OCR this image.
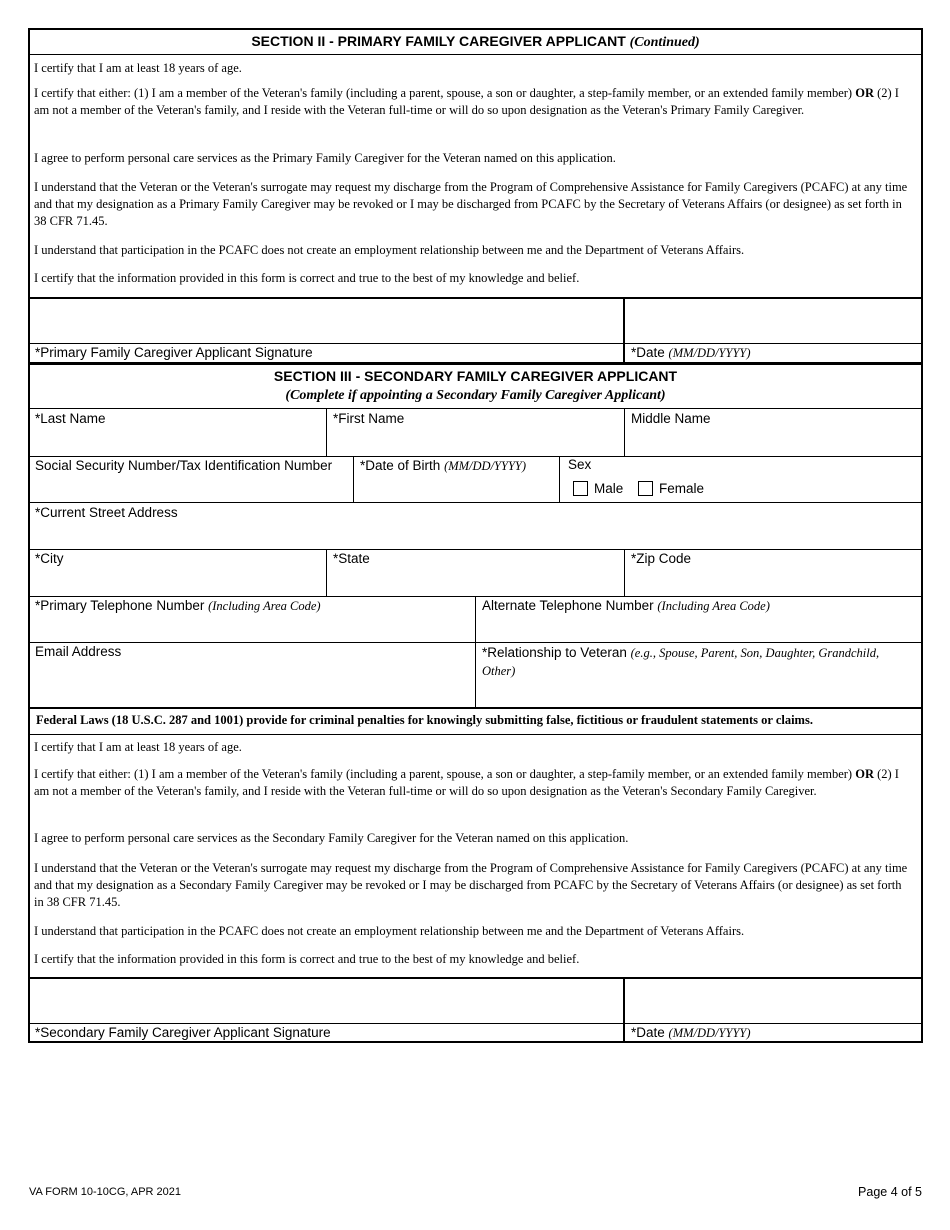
SECTION II - PRIMARY FAMILY CAREGIVER APPLICANT (Continued)
I certify that I am at least 18 years of age.
I certify that either: (1) I am a member of the Veteran's family (including a parent, spouse, a son or daughter, a step-family member, or an extended family member) OR (2) I am not a member of the Veteran's family, and I reside with the Veteran full-time or will do so upon designation as the Veteran's Primary Family Caregiver.
I agree to perform personal care services as the Primary Family Caregiver for the Veteran named on this application.
I understand that the Veteran or the Veteran's surrogate may request my discharge from the Program of Comprehensive Assistance for Family Caregivers (PCAFC) at any time and that my designation as a Primary Family Caregiver may be revoked or I may be discharged from PCAFC by the Secretary of Veterans Affairs (or designee) as set forth in 38 CFR 71.45.
I understand that participation in the PCAFC does not create an employment relationship between me and the Department of Veterans Affairs.
I certify that the information provided in this form is correct and true to the best of my knowledge and belief.
*Primary Family Caregiver Applicant Signature	*Date (MM/DD/YYYY)
SECTION III - SECONDARY FAMILY CAREGIVER APPLICANT
(Complete if appointing a Secondary Family Caregiver Applicant)
*Last Name	*First Name	Middle Name
Social Security Number/Tax Identification Number *Date of Birth (MM/DD/YYYY)	Sex
Male	Female
*Current Street Address
*City	*State	*Zip Code
*Primary Telephone Number (Including Area Code)	Alternate Telephone Number (Including Area Code)
Email Address	*Relationship to Veteran (e.g., Spouse, Parent, Son, Daughter, Grandchild,
Other)
Federal Laws (18 U.S.C. 287 and 1001) provide for criminal penalties for knowingly submitting false, fictitious or fraudulent statements or claims.
I certify that I am at least 18 years of age.
I certify that either: (1) I am a member of the Veteran's family (including a parent, spouse, a son or daughter, a step-family member, or an extended family member) OR (2) I am not a member of the Veteran's family, and I reside with the Veteran full-time or will do so upon designation as the Veteran's Secondary Family Caregiver.
I agree to perform personal care services as the Secondary Family Caregiver for the Veteran named on this application.
I understand that the Veteran or the Veteran's surrogate may request my discharge from the Program of Comprehensive Assistance for Family Caregivers (PCAFC) at any time and that my designation as a Secondary Family Caregiver may be revoked or I may be discharged from PCAFC by the Secretary of Veterans Affairs (or designee) as set forth in 38 CFR 71.45.
I understand that participation in the PCAFC does not create an employment relationship between me and the Department of Veterans Affairs.
I certify that the information provided in this form is correct and true to the best of my knowledge and belief.
*Secondary Family Caregiver Applicant Signature	*Date (MM/DD/YYYY)
VA FORM 10-10CG, APR 2021	Page 4 of 5
